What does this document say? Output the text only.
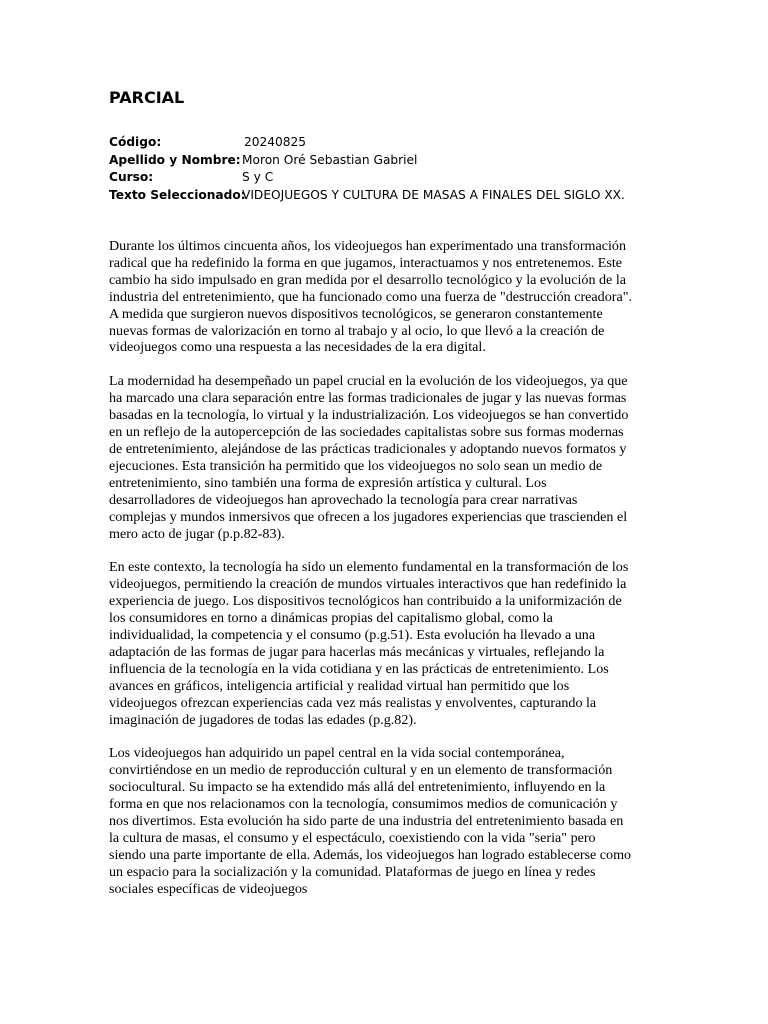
PARCIAL
Código:	20240825
Apellido y Nombre: Moron Oré Sebastian Gabriel
Curso:	S y C
Texto Seleccionado:
VIDEOJUEGOS Y CULTURA DE MASAS A FINALES DEL SIGLO XX.

Durante los últimos cincuenta años, los videojuegos han experimentado una transformación radical que ha redefinido la forma en que jugamos, interactuamos y nos entretenemos. Este cambio ha sido impulsado en gran medida por el desarrollo tecnológico y la evolución de la industria del entretenimiento, que ha funcionado como una fuerza de "destrucción creadora". A medida que surgieron nuevos dispositivos tecnológicos, se generaron constantemente nuevas formas de valorización en torno al trabajo y al ocio, lo que llevó a la creación de videojuegos como una respuesta a las necesidades de la era digital.

La modernidad ha desempeñado un papel crucial en la evolución de los videojuegos, ya que ha marcado una clara separación entre las formas tradicionales de jugar y las nuevas formas basadas en la tecnología, lo virtual y la industrialización. Los videojuegos se han convertido en un reflejo de la autopercepción de las sociedades capitalistas sobre sus formas modernas de entretenimiento, alejándose de las prácticas tradicionales y adoptando nuevos formatos y ejecuciones. Esta transición ha permitido que los videojuegos no solo sean un medio de entretenimiento, sino también una forma de expresión artística y cultural. Los desarrolladores de videojuegos han aprovechado la tecnología para crear narrativas complejas y mundos inmersivos que ofrecen a los jugadores experiencias que trascienden el mero acto de jugar (p.p.82-83).

En este contexto, la tecnología ha sido un elemento fundamental en la transformación de los videojuegos, permitiendo la creación de mundos virtuales interactivos que han redefinido la experiencia de juego. Los dispositivos tecnológicos han contribuido a la uniformización de los consumidores en torno a dinámicas propias del capitalismo global, como la individualidad, la competencia y el consumo (p.g.51). Esta evolución ha llevado a una adaptación de las formas de jugar para hacerlas más mecánicas y virtuales, reflejando la influencia de la tecnología en la vida cotidiana y en las prácticas de entretenimiento. Los avances en gráficos, inteligencia artificial y realidad virtual han permitido que los videojuegos ofrezcan experiencias cada vez más realistas y envolventes, capturando la imaginación de jugadores de todas las edades (p.g.82).

Los videojuegos han adquirido un papel central en la vida social contemporánea, convirtiéndose en un medio de reproducción cultural y en un elemento de transformación sociocultural. Su impacto se ha extendido más allá del entretenimiento, influyendo en la forma en que nos relacionamos con la tecnología, consumimos medios de comunicación y nos divertimos. Esta evolución ha sido parte de una industria del entretenimiento basada en la cultura de masas, el consumo y el espectáculo, coexistiendo con la vida "seria" pero siendo una parte importante de ella. Además, los videojuegos han logrado establecerse como un espacio para la socialización y la comunidad. Plataformas de juego en línea y redes sociales específicas de videojuegos
